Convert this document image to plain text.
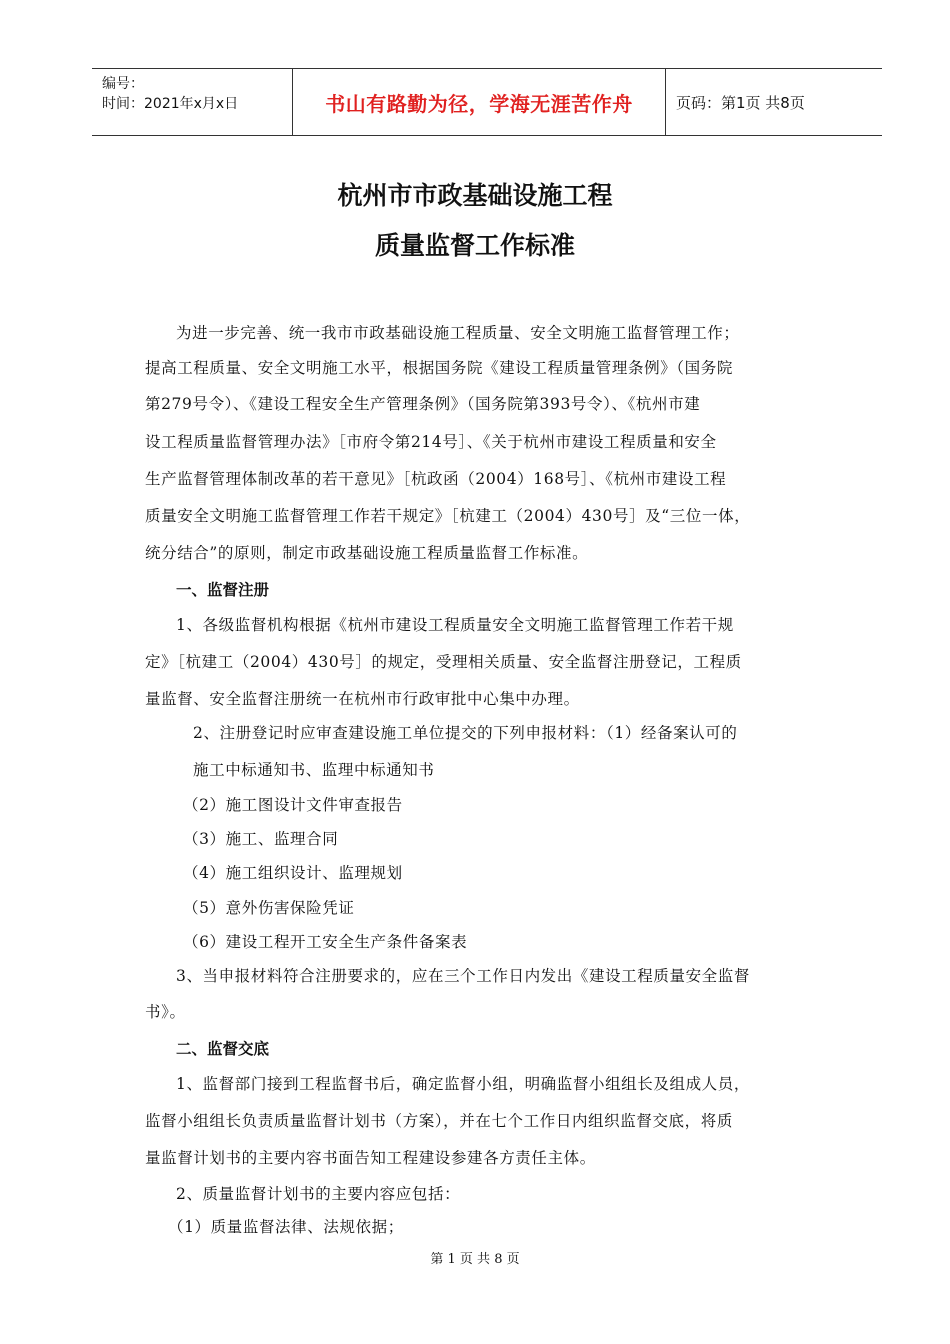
编号：
时间：2021年x月x日	书山有路勤为径，学海无涯苦作舟	页码：第1页 共8页
杭州市市政基础设施工程
质量监督工作标准
为进一步完善、统一我市市政基础设施工程质量、安全文明施工监督管理工作；
提高工程质量、安全文明施工水平，根据国务院《建设工程质量管理条例》（国务院
第279号令）、《建设工程安全生产管理条例》（国务院第393号令）、《杭州市建
设工程质量监督管理办法》［市府令第214号］、《关于杭州市建设工程质量和安全
生产监督管理体制改革的若干意见》［杭政函（2004）168号］、《杭州市建设工程
质量安全文明施工监督管理工作若干规定》［杭建工（2004）430号］及“三位一体，
统分结合”的原则，制定市政基础设施工程质量监督工作标准。
一、监督注册
1、各级监督机构根据《杭州市建设工程质量安全文明施工监督管理工作若干规
定》［杭建工（2004）430号］的规定，受理相关质量、安全监督注册登记，工程质
量监督、安全监督注册统一在杭州市行政审批中心集中办理。
2、注册登记时应审查建设施工单位提交的下列申报材料：（1）经备案认可的
施工中标通知书、监理中标通知书
（2）施工图设计文件审查报告
（3）施工、监理合同
（4）施工组织设计、监理规划
（5）意外伤害保险凭证
（6）建设工程开工安全生产条件备案表
3、当申报材料符合注册要求的，应在三个工作日内发出《建设工程质量安全监督
书》。
二、监督交底
1、监督部门接到工程监督书后，确定监督小组，明确监督小组组长及组成人员，
监督小组组长负责质量监督计划书（方案），并在七个工作日内组织监督交底，将质
量监督计划书的主要内容书面告知工程建设参建各方责任主体。
2、质量监督计划书的主要内容应包括：
（1）质量监督法律、法规依据；
第 1 页 共 8 页
